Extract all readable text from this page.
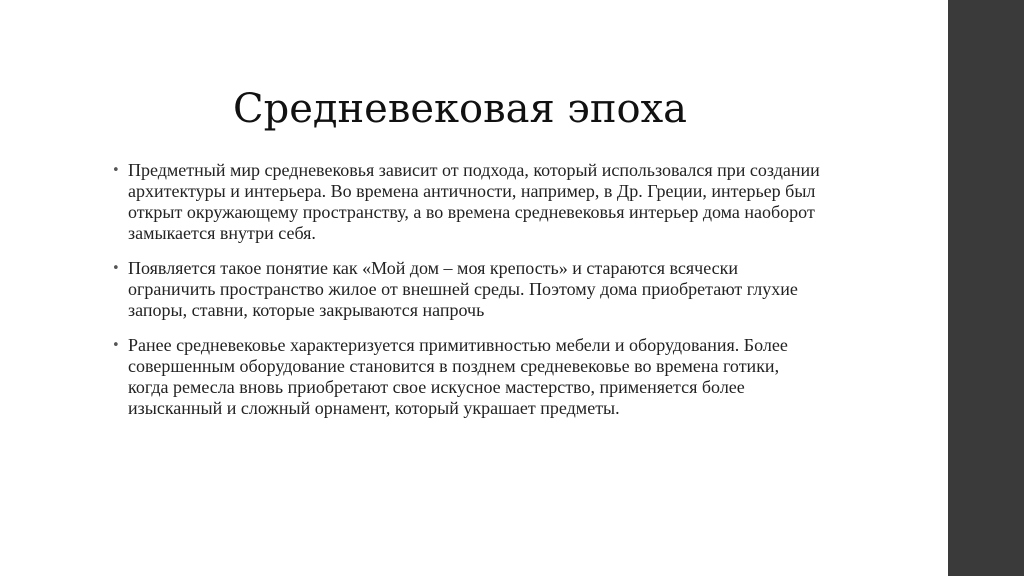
Средневековая эпоха
• Предметный мир средневековья зависит от подхода, который использовался при создании архитектуры и интерьера. Во времена античности, например, в Др. Греции, интерьер был открыт окружающему пространству, а во времена средневековья интерьер дома наоборот замыкается внутри себя.
• Появляется такое понятие как «Мой дом – моя крепость» и стараются всячески ограничить пространство жилое от внешней среды. Поэтому дома приобретают глухие запоры, ставни, которые закрываются напрочь
• Ранее средневековье характеризуется примитивностью мебели и оборудования. Более совершенным оборудование становится в позднем средневековье во времена готики, когда ремесла вновь приобретают свое искусное мастерство, применяется более изысканный и сложный орнамент, который украшает предметы.
